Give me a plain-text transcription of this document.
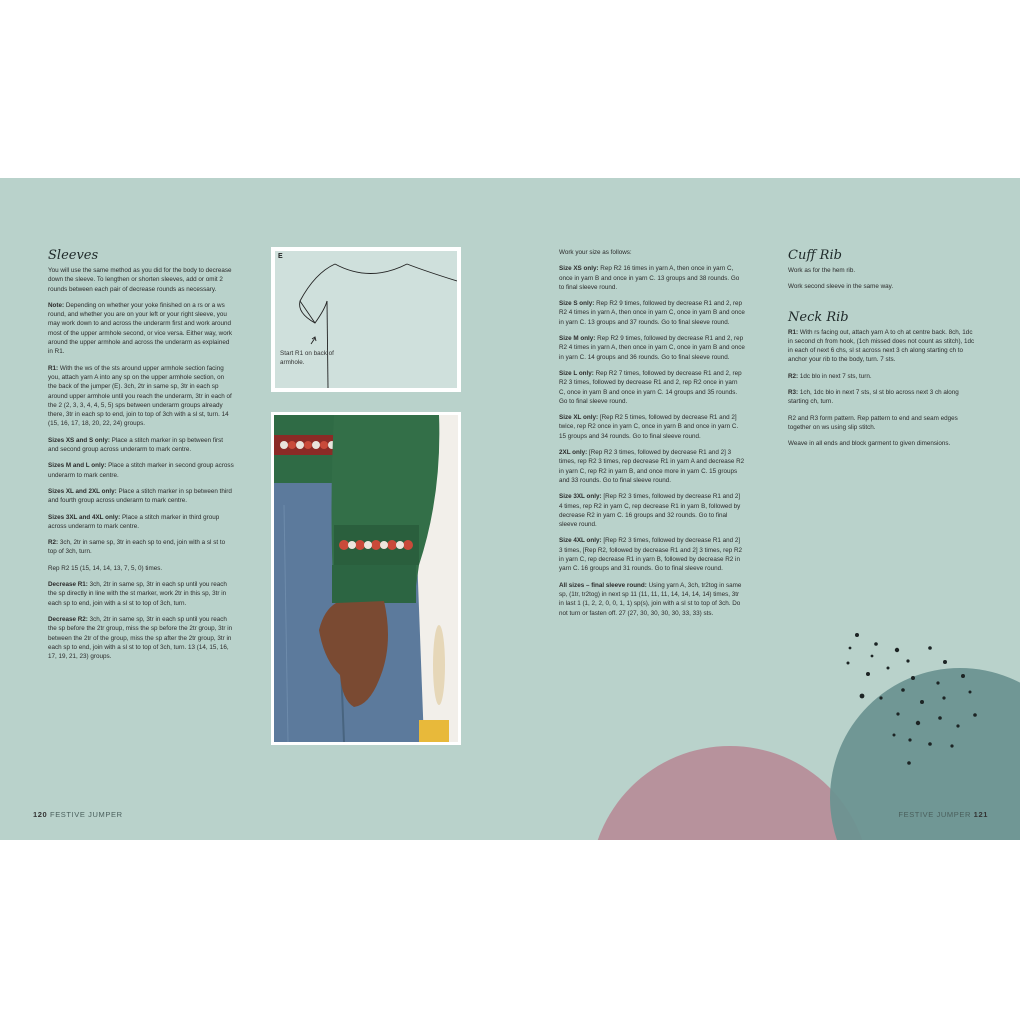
Sleeves

You will use the same method as you did for the body to decrease down the sleeve. To lengthen or shorten sleeves, add or omit 2 rounds between each pair of decrease rounds as necessary.

Note: Depending on whether your yoke finished on a rs or a ws round, and whether you are on your left or your right sleeve, you may work down to and across the underarm first and work around most of the upper armhole second, or vice versa. Either way, work around the upper armhole and across the underarm as explained in R1.

R1: With the ws of the sts around upper armhole section facing you, attach yarn A into any sp on the upper armhole section, on the back of the jumper (E). 3ch, 2tr in same sp, 3tr in each sp around upper armhole until you reach the underarm, 3tr in each of the 2 (2, 3, 3, 4, 4, 5, 5) sps between underarm groups already there, 3tr in each sp to end, join to top of 3ch with a sl st, turn. 14 (15, 16, 17, 18, 20, 22, 24) groups.

Sizes XS and S only: Place a stitch marker in sp between first and second group across underarm to mark centre.

Sizes M and L only: Place a stitch marker in second group across underarm to mark centre.

Sizes XL and 2XL only: Place a stitch marker in sp between third and fourth group across underarm to mark centre.

Sizes 3XL and 4XL only: Place a stitch marker in third group across underarm to mark centre.

R2: 3ch, 2tr in same sp, 3tr in each sp to end, join with a sl st to top of 3ch, turn.

Rep R2 15 (15, 14, 14, 13, 7, 5, 0) times.

Decrease R1: 3ch, 2tr in same sp, 3tr in each sp until you reach the sp directly in line with the st marker, work 2tr in this sp, 3tr in each sp to end, join with a sl st to top of 3ch, turn.

Decrease R2: 3ch, 2tr in same sp, 3tr in each sp until you reach the sp before the 2tr group, miss the sp before the 2tr group, 3tr in between the 2tr of the group, miss the sp after the 2tr group, 3tr in each sp to end, join with a sl st to top of 3ch, turn. 13 (14, 15, 16, 17, 19, 21, 23) groups.

E
Start R1 on back of armhole.

Work your size as follows:

Size XS only: Rep R2 16 times in yarn A, then once in yarn C, once in yarn B and once in yarn C. 13 groups and 38 rounds. Go to final sleeve round.

Size S only: Rep R2 9 times, followed by decrease R1 and 2, rep R2 4 times in yarn A, then once in yarn C, once in yarn B and once in yarn C. 13 groups and 37 rounds. Go to final sleeve round.

Size M only: Rep R2 9 times, followed by decrease R1 and 2, rep R2 4 times in yarn A, then once in yarn C, once in yarn B and once in yarn C. 14 groups and 36 rounds. Go to final sleeve round.

Size L only: Rep R2 7 times, followed by decrease R1 and 2, rep R2 3 times, followed by decrease R1 and 2, rep R2 once in yarn C, once in yarn B and once in yarn C. 14 groups and 35 rounds. Go to final sleeve round.

Size XL only: [Rep R2 5 times, followed by decrease R1 and 2] twice, rep R2 once in yarn C, once in yarn B and once in yarn C. 15 groups and 34 rounds. Go to final sleeve round.

2XL only: [Rep R2 3 times, followed by decrease R1 and 2] 3 times, rep R2 3 times, rep decrease R1 in yarn A and decrease R2 in yarn C, rep R2 in yarn B, and once more in yarn C. 15 groups and 33 rounds. Go to final sleeve round.

Size 3XL only: [Rep R2 3 times, followed by decrease R1 and 2] 4 times, rep R2 in yarn C, rep decrease R1 in yarn B, followed by decrease R2 in yarn C. 16 groups and 32 rounds. Go to final sleeve round.

Size 4XL only: [Rep R2 3 times, followed by decrease R1 and 2] 3 times, [Rep R2, followed by decrease R1 and 2] 3 times, rep R2 in yarn C, rep decrease R1 in yarn B, followed by decrease R2 in yarn C. 16 groups and 31 rounds. Go to final sleeve round.

All sizes – final sleeve round: Using yarn A, 3ch, tr2tog in same sp, (1tr, tr2tog) in next sp 11 (11, 11, 11, 14, 14, 14, 14) times, 3tr in last 1 (1, 2, 2, 0, 0, 1, 1) sp(s), join with a sl st to top of 3ch. Do not turn or fasten off. 27 (27, 30, 30, 30, 30, 33, 33) sts.

Cuff Rib

Work as for the hem rib.

Work second sleeve in the same way.

Neck Rib

R1: With rs facing out, attach yarn A to ch at centre back. 8ch, 1dc in second ch from hook, (1ch missed does not count as stitch), 1dc in each of next 6 chs, sl st across next 3 ch along starting ch to anchor your rib to the body, turn. 7 sts.

R2: 1dc blo in next 7 sts, turn.

R3: 1ch, 1dc blo in next 7 sts, sl st blo across next 3 ch along starting ch, turn.

R2 and R3 form pattern. Rep pattern to end and seam edges together on ws using slip stitch.

Weave in all ends and block garment to given dimensions.

120 FESTIVE JUMPER	FESTIVE JUMPER 121
